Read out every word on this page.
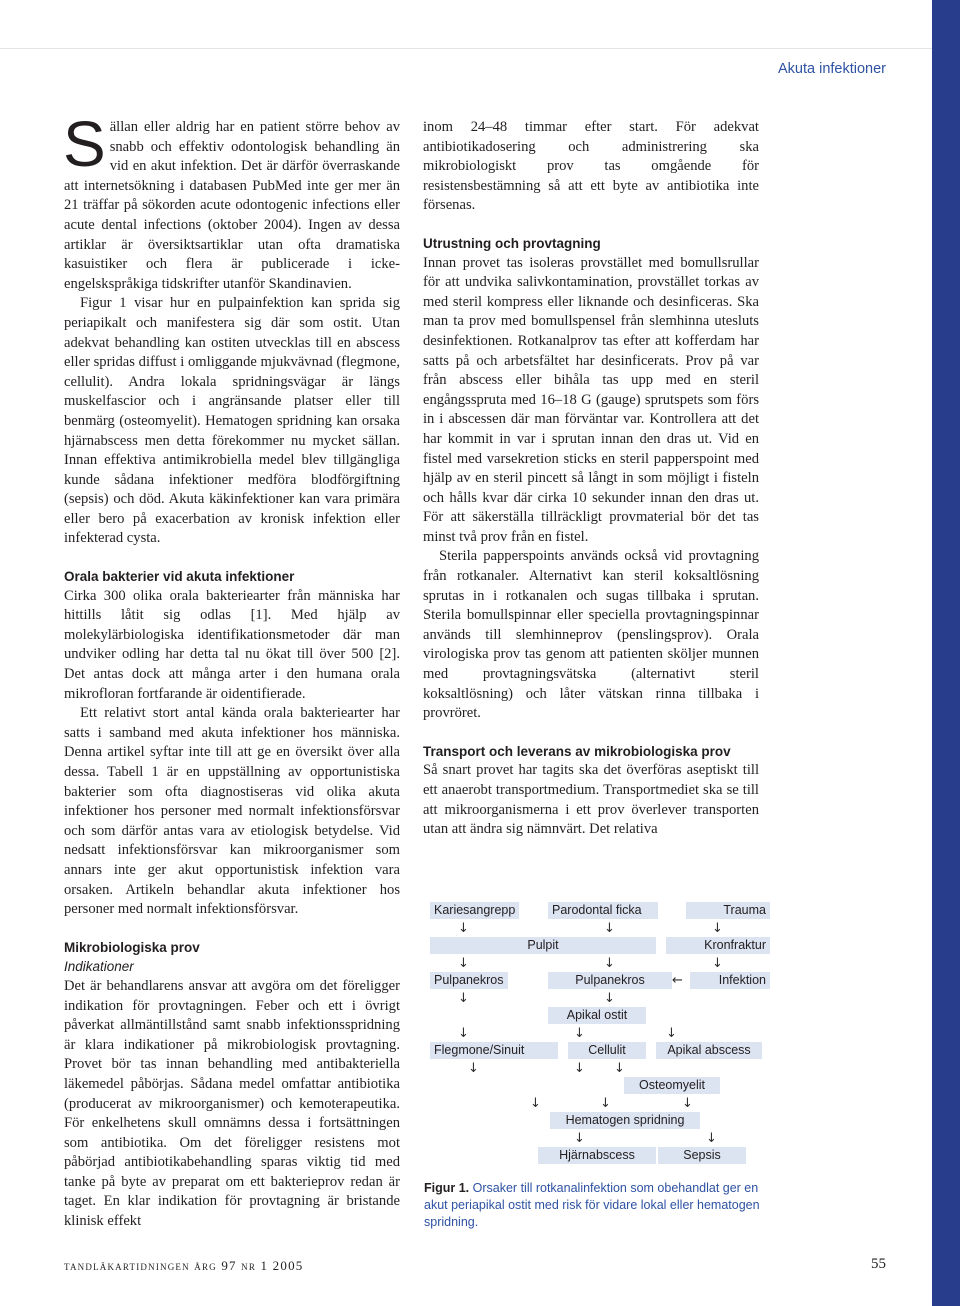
Akuta infektioner

Sällan eller aldrig har en patient större behov av snabb och effektiv odontologisk behandling än vid en akut infektion. Det är därför överraskande att internetsökning i databasen PubMed inte ger mer än 21 träffar på sökorden acute odontogenic infections eller acute dental infections (oktober 2004). Ingen av dessa artiklar är översiktsartiklar utan ofta dramatiska kasuistiker och flera är publicerade i icke-engelskspråkiga tidskrifter utanför Skandinavien.

Figur 1 visar hur en pulpainfektion kan sprida sig periapikalt och manifestera sig där som ostit. Utan adekvat behandling kan ostiten utvecklas till en abscess eller spridas diffust i omliggande mjukvävnad (flegmone, cellulit). Andra lokala spridningsvägar är längs muskelfascior och i angränsande platser eller till benmärg (osteomyelit). Hematogen spridning kan orsaka hjärnabscess men detta förekommer nu mycket sällan. Innan effektiva antimikrobiella medel blev tillgängliga kunde sådana infektioner medföra blodförgiftning (sepsis) och död. Akuta käkinfektioner kan vara primära eller bero på exacerbation av kronisk infektion eller infekterad cysta.

Orala bakterier vid akuta infektioner

Cirka 300 olika orala bakteriearter från människa har hittills låtit sig odlas [1]. Med hjälp av molekylärbiologiska identifikationsmetoder där man undviker odling har detta tal nu ökat till över 500 [2]. Det antas dock att många arter i den humana orala mikrofloran fortfarande är oidentifierade.

Ett relativt stort antal kända orala bakteriearter har satts i samband med akuta infektioner hos människa. Denna artikel syftar inte till att ge en översikt över alla dessa. Tabell 1 är en uppställning av opportunistiska bakterier som ofta diagnostiseras vid olika akuta infektioner hos personer med normalt infektionsförsvar och som därför antas vara av etiologisk betydelse. Vid nedsatt infektionsförsvar kan mikroorganismer som annars inte ger akut opportunistisk infektion vara orsaken. Artikeln behandlar akuta infektioner hos personer med normalt infektionsförsvar.

Mikrobiologiska prov
Indikationer

Det är behandlarens ansvar att avgöra om det föreligger indikation för provtagningen. Feber och ett i övrigt påverkat allmäntillstånd samt snabb infektionsspridning är klara indikationer på mikrobiologisk provtagning. Provet bör tas innan behandling med antibakteriella läkemedel påbörjas. Sådana medel omfattar antibiotika (producerat av mikroorganismer) och kemoterapeutika. För enkelhetens skull omnämns dessa i fortsättningen som antibiotika. Om det föreligger resistens mot påbörjad antibiotikabehandling sparas viktig tid med tanke på byte av preparat om ett bakterieprov redan är taget. En klar indikation för provtagning är bristande klinisk effekt

inom 24–48 timmar efter start. För adekvat antibiotikadosering och administrering ska mikrobiologiskt prov tas omgående för resistensbestämning så att ett byte av antibiotika inte försenas.

Utrustning och provtagning

Innan provet tas isoleras provstället med bomullsrullar för att undvika salivkontamination, provstället torkas av med steril kompress eller liknande och desinficeras. Ska man ta prov med bomullspensel från slemhinna utesluts desinfektionen. Rotkanalprov tas efter att kofferdam har satts på och arbetsfältet har desinficerats. Prov på var från abscess eller bihåla tas upp med en steril engångsspruta med 16–18 G (gauge) sprutspets som förs in i abscessen där man förväntar var. Kontrollera att det har kommit in var i sprutan innan den dras ut. Vid en fistel med varsekretion sticks en steril papperspoint med hjälp av en steril pincett så långt in som möjligt i fisteln och hålls kvar där cirka 10 sekunder innan den dras ut. För att säkerställa tillräckligt provmaterial bör det tas minst två prov från en fistel.

Sterila papperspoints används också vid provtagning från rotkanaler. Alternativt kan steril koksaltlösning sprutas in i rotkanalen och sugas tillbaka i sprutan. Sterila bomullspinnar eller speciella provtagningspinnar används till slemhinneprov (penslingsprov). Orala virologiska prov tas genom att patienten sköljer munnen med provtagningsvätska (alternativt steril koksaltlösning) och låter vätskan rinna tillbaka i provröret.

Transport och leverans av mikrobiologiska prov

Så snart provet har tagits ska det överföras aseptiskt till ett anaerobt transportmedium. Transportmediet ska se till att mikroorganismerna i ett prov överlever transporten utan att ändra sig nämnvärt. Det relativa

Kariesangrepp	Parodontal ficka	Trauma
↓	↓	↓
Pulpit	Kronfraktur
↓	↓	↓
Pulpanekros	Pulpanekros	←	Infektion
↓	↓
Apikal ostit
↓	↓	↓
Flegmone/Sinuit	Cellulit	Apikal abscess
↓	↓ ↓
Osteomyelit
↓	↓	↓
Hematogen spridning
↓	↓
Hjärnabscess	Sepsis
Figur 1. Orsaker till rotkanalinfektion som obehandlat ger en akut periapikal ostit med risk för vidare lokal eller hematogen spridning.
tandläkartidningen årg 97 nr 1 2005	55
